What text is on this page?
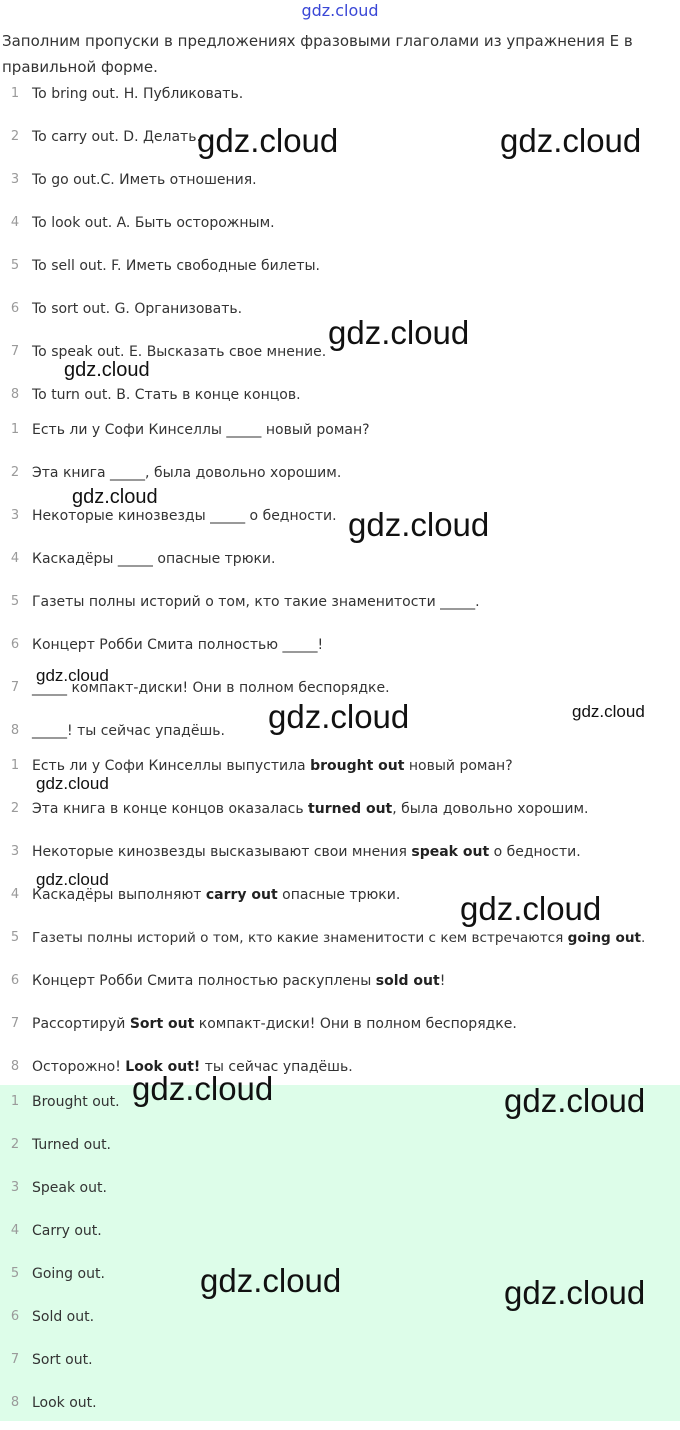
gdz.cloud
Заполним пропуски в предложениях фразовыми глаголами из упражнения E в правильной форме.
1 To bring out. H. Публиковать.
2 To carry out. D. Делать.
3 To go out.C. Иметь отношения.
4 To look out. A. Быть осторожным.
5 To sell out. F. Иметь свободные билеты.
6 To sort out. G. Организовать.
7 To speak out. E. Высказать свое мнение.
8 To turn out. B. Стать в конце концов.
1 Есть ли у Софи Кинселлы _____ новый роман?
2 Эта книга _____, была довольно хорошим.
3 Некоторые кинозвезды _____ о бедности.
4 Каскадёры _____ опасные трюки.
5 Газеты полны историй о том, кто такие знаменитости _____.
6 Концерт Робби Смита полностью _____!
7 _____ компакт-диски! Они в полном беспорядке.
8 _____! ты сейчас упадёшь.
1 Есть ли у Софи Кинселлы выпустила brought out новый роман?
2 Эта книга в конце концов оказалась turned out, была довольно хорошим.
3 Некоторые кинозвезды высказывают свои мнения speak out о бедности.
4 Каскадёры выполняют carry out опасные трюки.
5 Газеты полны историй о том, кто какие знаменитости с кем встречаются going out.
6 Концерт Робби Смита полностью раскуплены sold out!
7 Рассортируй Sort out компакт-диски! Они в полном беспорядке.
8 Осторожно! Look out! ты сейчас упадёшь.
1 Brought out.
2 Turned out.
3 Speak out.
4 Carry out.
5 Going out.
6 Sold out.
7 Sort out.
8 Look out.
gdz.cloud	gdz.cloud
gdz.cloud
gdz.cloud
gdz.cloud
gdz.cloud
gdz.cloud
gdz.cloud	gdz.cloud
gdz.cloud
gdz.cloud
gdz.cloud
gdz.cloud	gdz.cloud
gdz.cloud	gdz.cloud
